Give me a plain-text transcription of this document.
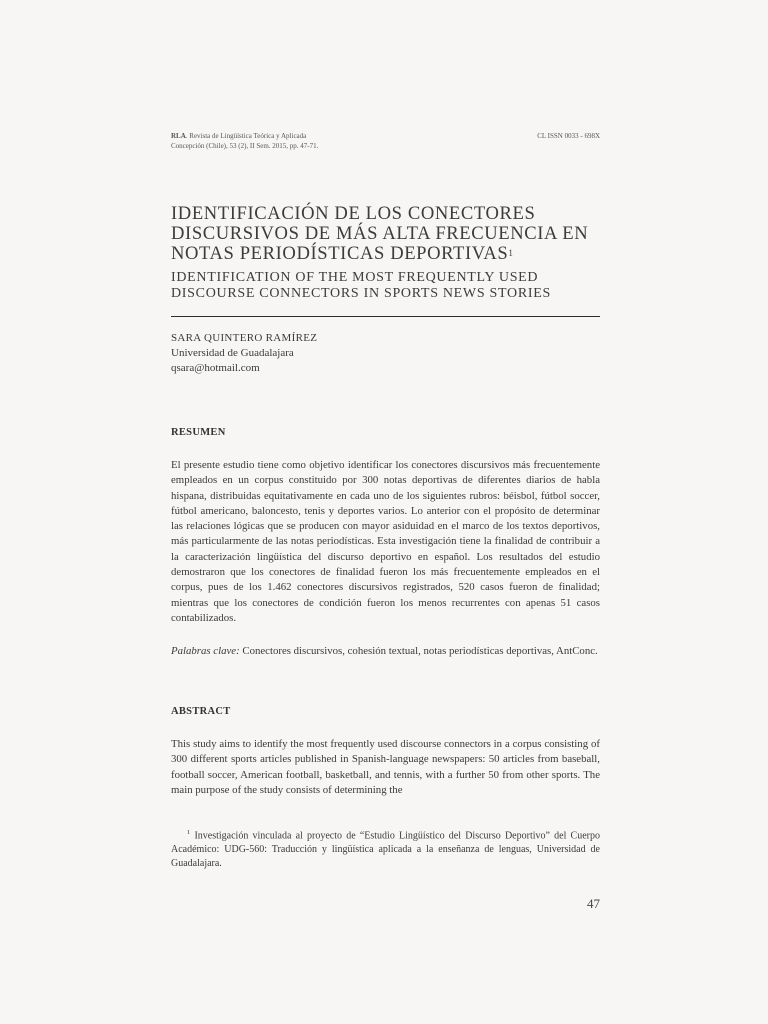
RLA. Revista de Lingüística Teórica y Aplicada
Concepción (Chile), 53 (2), II Sem. 2015, pp. 47-71.
CL ISSN 0033 - 698X
IDENTIFICACIÓN DE LOS CONECTORES
DISCURSIVOS DE MÁS ALTA FRECUENCIA EN
NOTAS PERIODÍSTICAS DEPORTIVAS$^1$
IDENTIFICATION OF THE MOST FREQUENTLY USED
DISCOURSE CONNECTORS IN SPORTS NEWS STORIES
SARA QUINTERO RAMÍREZ
Universidad de Guadalajara
qsara@hotmail.com
RESUMEN
El presente estudio tiene como objetivo identificar los conectores discursivos más frecuentemente empleados en un corpus constituido por 300 notas deportivas de diferentes diarios de habla hispana, distribuidas equitativamente en cada uno de los siguientes rubros: béisbol, fútbol soccer, fútbol americano, baloncesto, tenis y deportes varios. Lo anterior con el propósito de determinar las relaciones lógicas que se producen con mayor asiduidad en el marco de los textos deportivos, más particularmente de las notas periodísticas. Esta investigación tiene la finalidad de contribuir a la caracterización lingüística del discurso deportivo en español. Los resultados del estudio demostraron que los conectores de finalidad fueron los más frecuentemente empleados en el corpus, pues de los 1.462 conectores discursivos registrados, 520 casos fueron de finalidad; mientras que los conectores de condición fueron los menos recurrentes con apenas 51 casos contabilizados.
Palabras clave: Conectores discursivos, cohesión textual, notas periodísticas deportivas, AntConc.
ABSTRACT
This study aims to identify the most frequently used discourse connectors in a corpus consisting of 300 different sports articles published in Spanish-language newspapers: 50 articles from baseball, football soccer, American football, basketball, and tennis, with a further 50 from other sports. The main purpose of the study consists of determining the
$^1$ Investigación vinculada al proyecto de “Estudio Lingüístico del Discurso Deportivo” del Cuerpo Académico: UDG-560: Traducción y lingüística aplicada a la enseñanza de lenguas, Universidad de Guadalajara.
47
